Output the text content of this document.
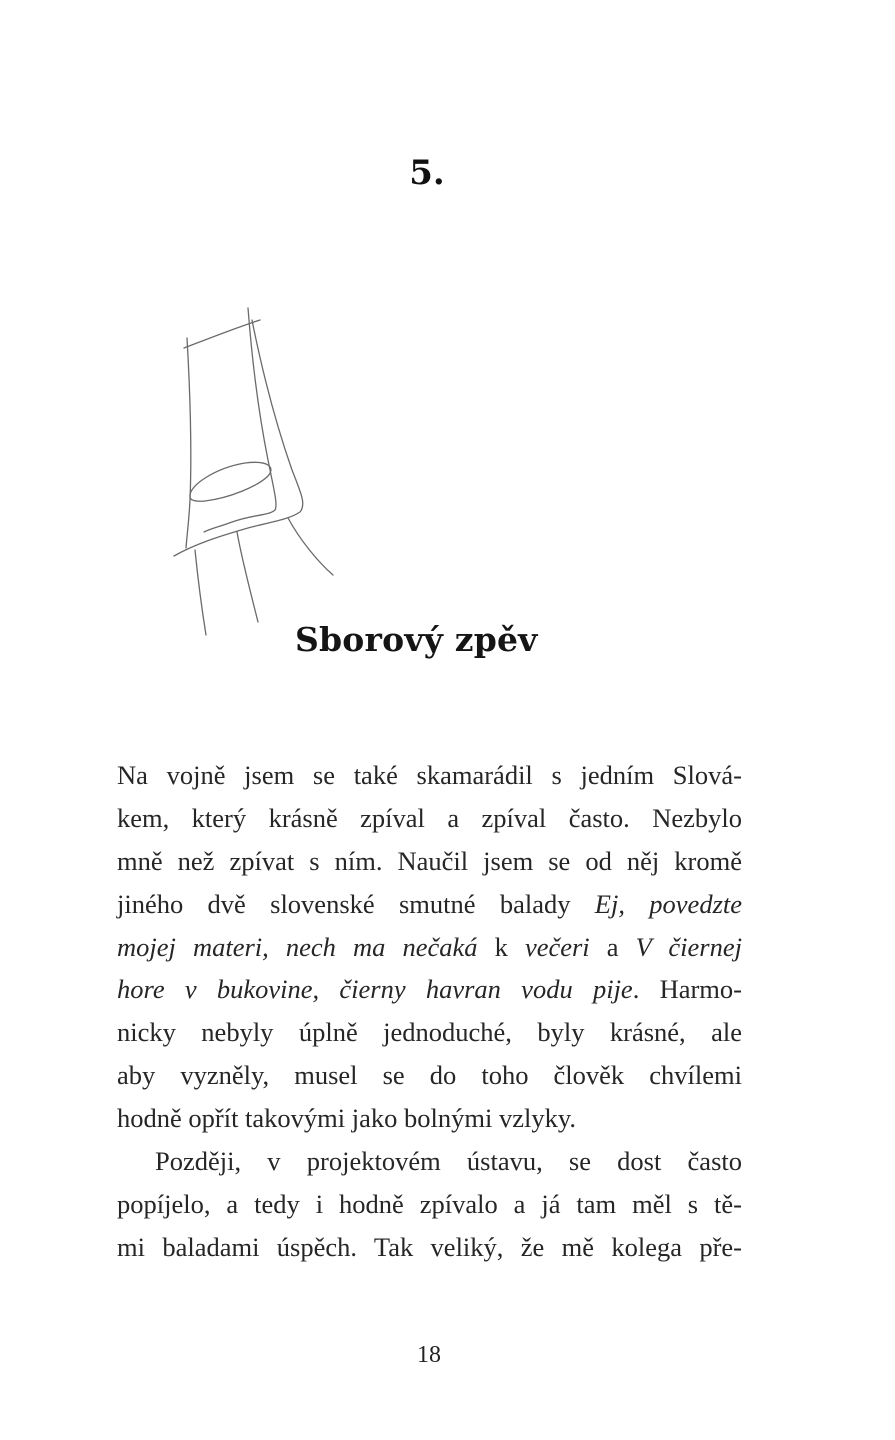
5.
Sborový zpěv
Na vojně jsem se také skamarádil s jedním Slová-
kem, který krásně zpíval a zpíval často. Nezbylo
mně než zpívat s ním. Naučil jsem se od něj kromě
jiného dvě slovenské smutné balady Ej, povedzte
mojej materi, nech ma nečaká k večeri a V čiernej
hore v bukovine, čierny havran vodu pije. Harmo-
nicky nebyly úplně jednoduché, byly krásné, ale
aby vyzněly, musel se do toho člověk chvílemi
hodně opřít takovými jako bolnými vzlyky.
Později, v projektovém ústavu, se dost často
popíjelo, a tedy i hodně zpívalo a já tam měl s tě-
mi baladami úspěch. Tak veliký, že mě kolega pře-
18
